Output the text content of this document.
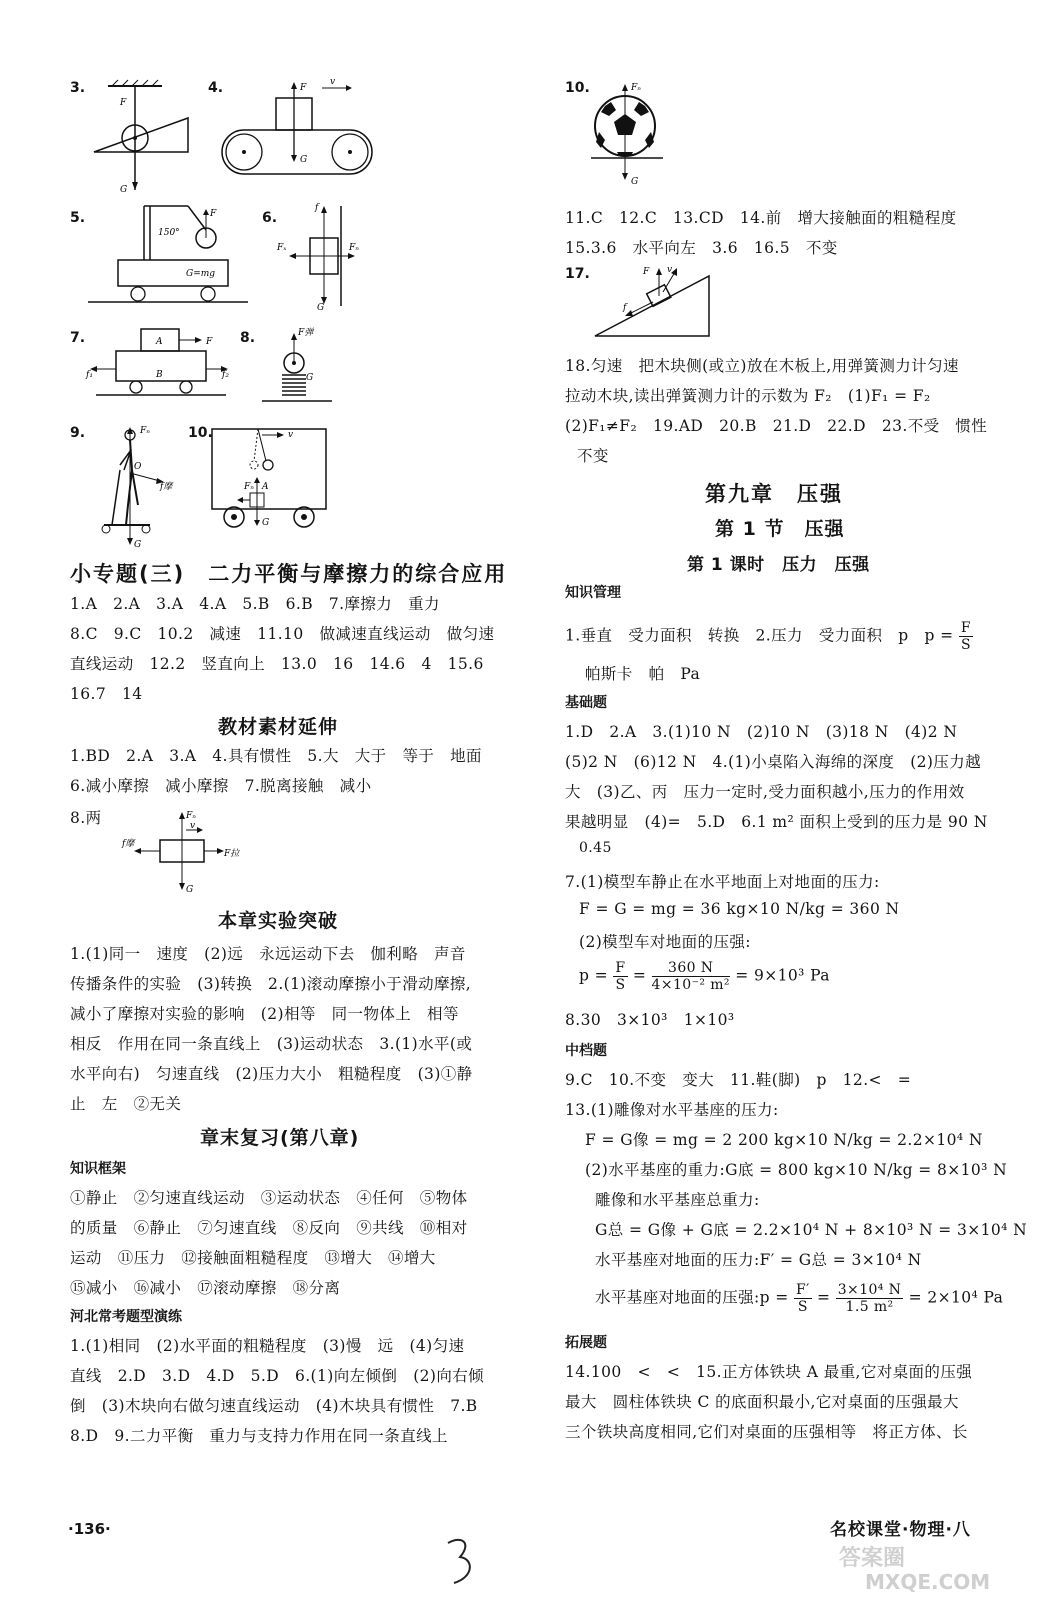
3.
F
G
4.	F
v
G
5.
150°
F
G=mg
6.
f
Fₓ	Fₙ
G
7.	A	F
B
f₁	f₂
8.	F弹
G
9.	Fₙ
O
f摩
G
10.	v
A
Fₙ
G
小专题(三)　二力平衡与摩擦力的综合应用
1.A　2.A　3.A　4.A　5.B　6.B　7.摩擦力　重力
8.C　9.C　10.2　减速　11.10　做减速直线运动　做匀速
直线运动　12.2　竖直向上　13.0　16　14.6　4　15.6
16.7　14
教材素材延伸
1.BD　2.A　3.A　4.具有惯性　5.大　大于　等于　地面
6.减小摩擦　减小摩擦　7.脱离接触　减小
8.两	Fₙ
v
f摩
F拉
G
本章实验突破
1.(1)同一　速度　(2)远　永远运动下去　伽利略　声音
传播条件的实验　(3)转换　2.(1)滚动摩擦小于滑动摩擦,
减小了摩擦对实验的影响　(2)相等　同一物体上　相等
相反　作用在同一条直线上　(3)运动状态　3.(1)水平(或
水平向右)　匀速直线　(2)压力大小　粗糙程度　(3)①静
止　左　②无关
章末复习(第八章)
知识框架
①静止　②匀速直线运动　③运动状态　④任何　⑤物体
的质量　⑥静止　⑦匀速直线　⑧反向　⑨共线　⑩相对
运动　⑪压力　⑫接触面粗糙程度　⑬增大　⑭增大
⑮减小　⑯减小　⑰滚动摩擦　⑱分离
河北常考题型演练
1.(1)相同　(2)水平面的粗糙程度　(3)慢　远　(4)匀速
直线　2.D　3.D　4.D　5.D　6.(1)向左倾倒　(2)向右倾
倒　(3)木块向右做匀速直线运动　(4)木块具有惯性　7.B
8.D　9.二力平衡　重力与支持力作用在同一条直线上
10.	Fₙ
G
11.C　12.C　13.CD　14.前　增大接触面的粗糙程度
15.3.6　水平向左　3.6　16.5　不变
17.	F v
f
18.匀速　把木块侧(或立)放在木板上,用弹簧测力计匀速
拉动木块,读出弹簧测力计的示数为 F₂　(1)F₁ = F₂
(2)F₁≠F₂　19.AD　20.B　21.D　22.D　23.不受　惯性
不变
第九章　压强
第 1 节　压强
第 1 课时　压力　压强
知识管理
1.垂直　受力面积　转换　2.压力　受力面积　p　$p = \frac{F}{S}$
帕斯卡　帕　Pa
基础题
1.D　2.A　3.(1)10 N　(2)10 N　(3)18 N　(4)2 N
(5)2 N　(6)12 N　4.(1)小桌陷入海绵的深度　(2)压力越
大　(3)乙、丙　压力一定时,受力面积越小,压力的作用效
果越明显　(4)=　5.D　6.1 m² 面积上受到的压力是 90 N
0.45
7.(1)模型车静止在水平地面上对地面的压力:
F = G = mg = 36 kg×10 N/kg = 360 N
(2)模型车对地面的压强:
$p = \frac{F}{S} = \frac{360 N}{\text{4×10⁻² m²}} = 9\times 10^3$ Pa
8.30　3×10³　1×10³
中档题
9.C　10.不变　变大　11.鞋(脚)　p　12.<　=
13.(1)雕像对水平基座的压力:
F = G像 = mg = 2 200 kg×10 N/kg = 2.2×10⁴ N
(2)水平基座的重力:G底 = 800 kg×10 N/kg = 8×10³ N
雕像和水平基座总重力:
G总 = G像 + G底 = 2.2×10⁴ N + 8×10³ N = 3×10⁴ N
水平基座对地面的压力:F′ = G总 = 3×10⁴ N
水平基座对地面的压强:p = $\frac{F'}{S} = \frac{\text{3×10⁴ N}}{\text{1.5 m²}} = 2\times 10^4$ Pa
拓展题
14.100　<　<　15.正方体铁块 A 最重,它对桌面的压强
最大　圆柱体铁块 C 的底面积最小,它对桌面的压强最大
三个铁块高度相同,它们对桌面的压强相等　将正方体、长
·136·	名校课堂·物理·八
答案圈
MXQE.COM
